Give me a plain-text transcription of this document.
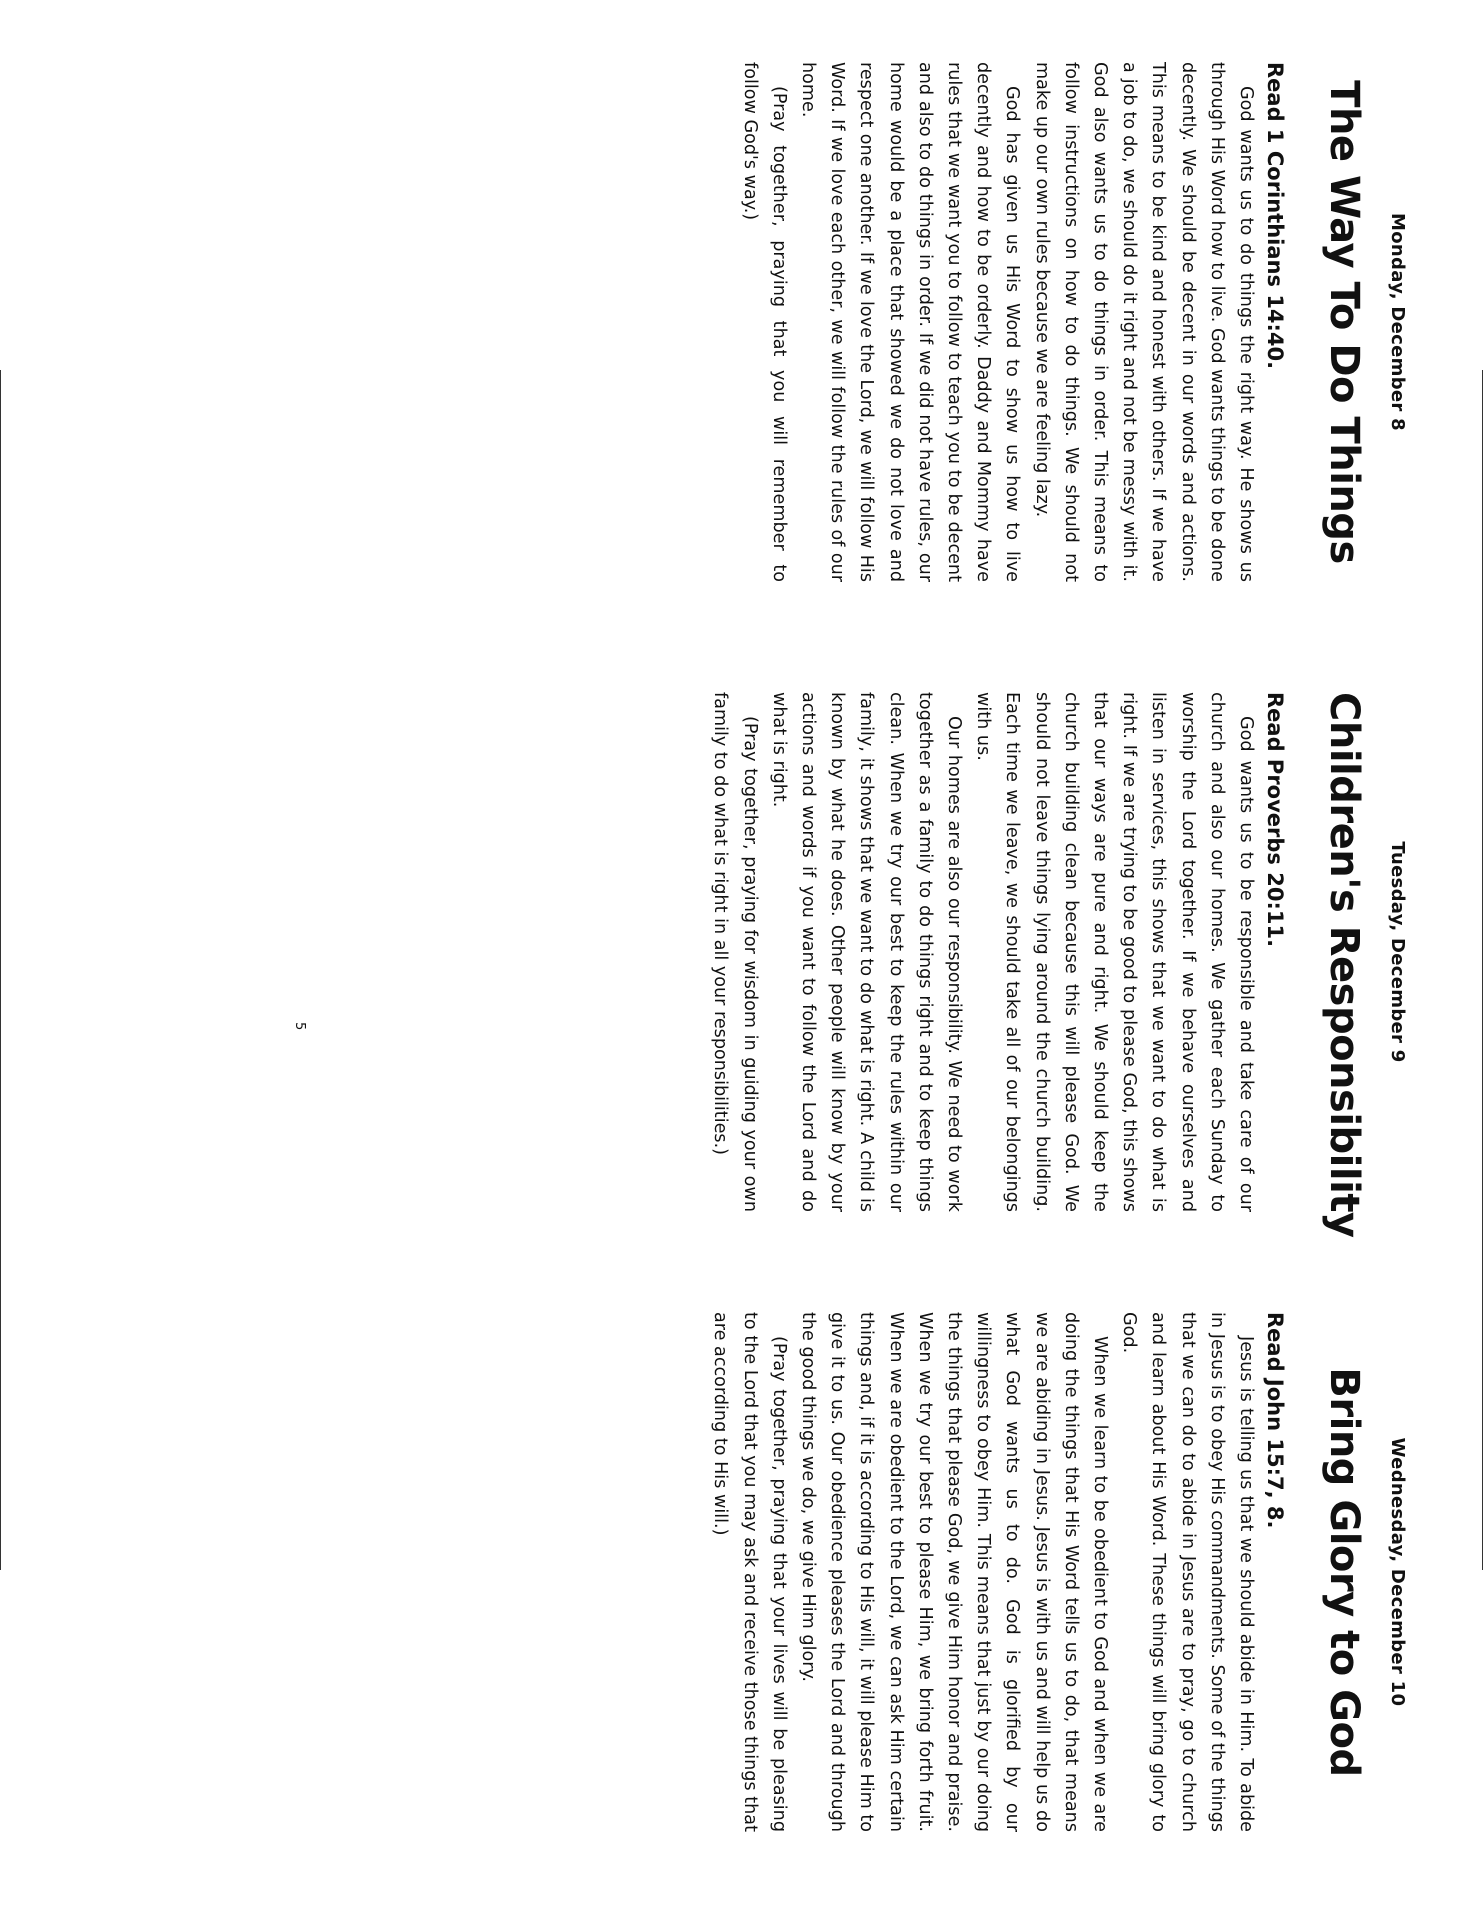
Monday, December 8
The Way To Do Things
Read 1 Corinthians 14:40.

God wants us to do things the right way. He shows us through His Word how to live. God wants things to be done decently. We should be decent in our words and actions. This means to be kind and honest with others. If we have a job to do, we should do it right and not be messy with it. God also wants us to do things in order. This means to follow instructions on how to do things. We should not make up our own rules because we are feeling lazy.

God has given us His Word to show us how to live decently and how to be orderly. Daddy and Mommy have rules that we want you to follow to teach you to be decent and also to do things in order. If we did not have rules, our home would be a place that showed we do not love and respect one another. If we love the Lord, we will follow His Word. If we love each other, we will follow the rules of our home.

(Pray together, praying that you will remember to follow God's way.)

Tuesday, December 9
Children's Responsibility
Read Proverbs 20:11.

God wants us to be responsible and take care of our church and also our homes. We gather each Sunday to worship the Lord together. If we behave ourselves and listen in services, this shows that we want to do what is right. If we are trying to be good to please God, this shows that our ways are pure and right. We should keep the church building clean because this will please God. We should not leave things lying around the church building. Each time we leave, we should take all of our belongings with us.

Our homes are also our responsibility. We need to work together as a family to do things right and to keep things clean. When we try our best to keep the rules within our family, it shows that we want to do what is right. A child is known by what he does. Other people will know by your actions and words if you want to follow the Lord and do what is right.

(Pray together, praying for wisdom in guiding your own family to do what is right in all your responsibilities.)

Wednesday, December 10
Bring Glory to God
Read John 15:7, 8.

Jesus is telling us that we should abide in Him. To abide in Jesus is to obey His commandments. Some of the things that we can do to abide in Jesus are to pray, go to church and learn about His Word. These things will bring glory to God.

When we learn to be obedient to God and when we are doing the things that His Word tells us to do, that means we are abiding in Jesus. Jesus is with us and will help us do what God wants us to do. God is glorified by our willingness to obey Him. This means that just by our doing the things that please God, we give Him honor and praise. When we try our best to please Him, we bring forth fruit. When we are obedient to the Lord, we can ask Him certain things and, if it is according to His will, it will please Him to give it to us. Our obedience pleases the Lord and through the good things we do, we give Him glory.

(Pray together, praying that your lives will be pleasing to the Lord that you may ask and receive those things that are according to His will.)

5
